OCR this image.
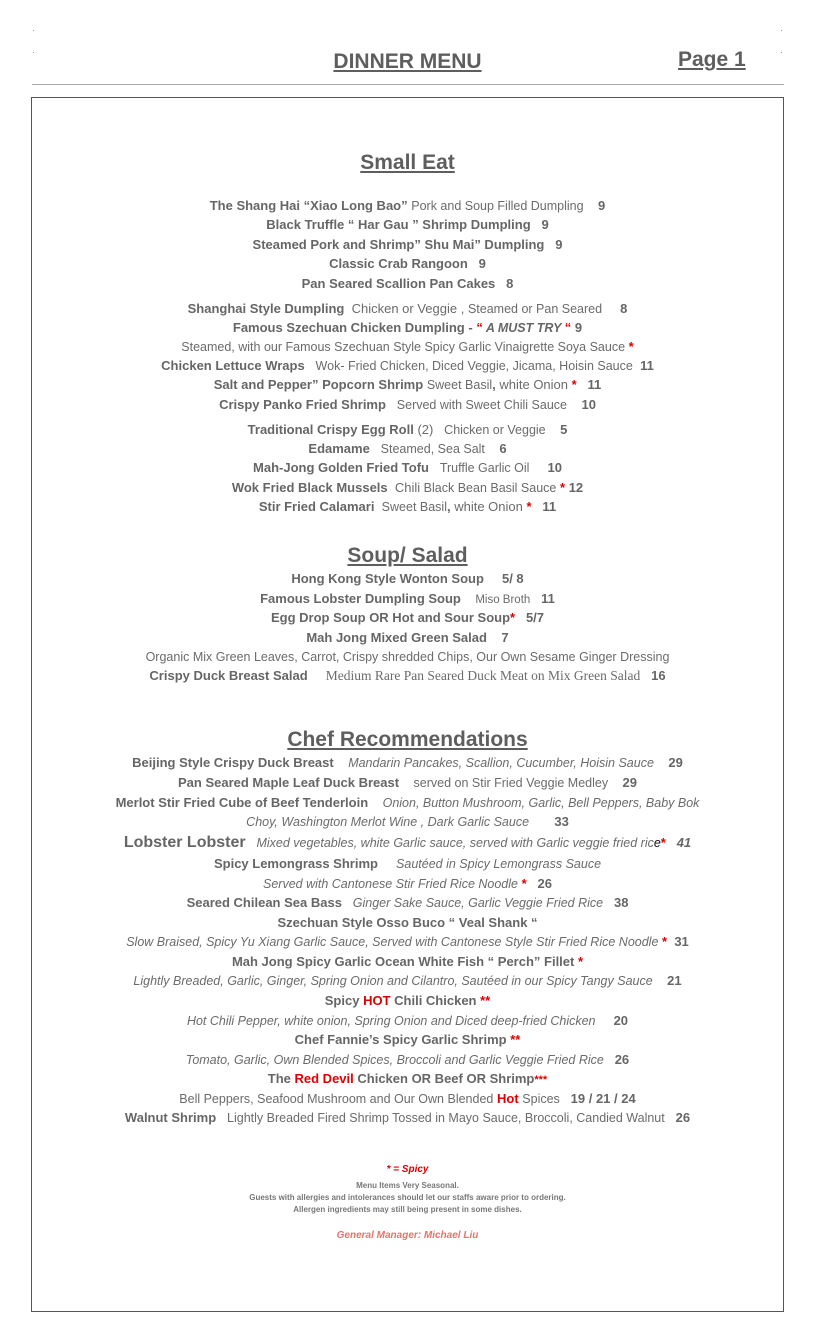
DINNER MENU	Page 1
Small Eat
The Shang Hai “Xiao Long Bao” Pork and Soup Filled Dumpling 9
Black Truffle “ Har Gau ” Shrimp Dumpling 9
Steamed Pork and Shrimp” Shu Mai” Dumpling 9
Classic Crab Rangoon 9
Pan Seared Scallion Pan Cakes 8
Shanghai Style Dumpling Chicken or Veggie , Steamed or Pan Seared 8
Famous Szechuan Chicken Dumpling - “ A MUST TRY “ 9
Steamed, with our Famous Szechuan Style Spicy Garlic Vinaigrette Soya Sauce *
Chicken Lettuce Wraps Wok- Fried Chicken, Diced Veggie, Jicama, Hoisin Sauce 11
Salt and Pepper” Popcorn Shrimp Sweet Basil, white Onion * 11
Crispy Panko Fried Shrimp Served with Sweet Chili Sauce 10
Traditional Crispy Egg Roll (2) Chicken or Veggie 5
Edamame Steamed, Sea Salt 6
Mah-Jong Golden Fried Tofu Truffle Garlic Oil 10
Wok Fried Black Mussels Chili Black Bean Basil Sauce * 12
Stir Fried Calamari Sweet Basil, white Onion * 11
Soup/ Salad
Hong Kong Style Wonton Soup 5/ 8
Famous Lobster Dumpling Soup Miso Broth 11
Egg Drop Soup OR Hot and Sour Soup* 5/7
Mah Jong Mixed Green Salad 7
Organic Mix Green Leaves, Carrot, Crispy shredded Chips, Our Own Sesame Ginger Dressing
Crispy Duck Breast Salad Medium Rare Pan Seared Duck Meat on Mix Green Salad 16
Chef Recommendations
Beijing Style Crispy Duck Breast Mandarin Pancakes, Scallion, Cucumber, Hoisin Sauce 29
Pan Seared Maple Leaf Duck Breast served on Stir Fried Veggie Medley 29
Merlot Stir Fried Cube of Beef Tenderloin Onion, Button Mushroom, Garlic, Bell Peppers, Baby Bok
Choy, Washington Merlot Wine , Dark Garlic Sauce 33
Lobster Lobster Mixed vegetables, white Garlic sauce, served with Garlic veggie fried rice* 41
Spicy Lemongrass Shrimp Sautéed in Spicy Lemongrass Sauce
Served with Cantonese Stir Fried Rice Noodle * 26
Seared Chilean Sea Bass Ginger Sake Sauce, Garlic Veggie Fried Rice 38
Szechuan Style Osso Buco “ Veal Shank “
Slow Braised, Spicy Yu Xiang Garlic Sauce, Served with Cantonese Style Stir Fried Rice Noodle * 31
Mah Jong Spicy Garlic Ocean White Fish “ Perch” Fillet *
Lightly Breaded, Garlic, Ginger, Spring Onion and Cilantro, Sautéed in our Spicy Tangy Sauce 21
Spicy HOT Chili Chicken **
Hot Chili Pepper, white onion, Spring Onion and Diced deep-fried Chicken 20
Chef Fannie’s Spicy Garlic Shrimp **
Tomato, Garlic, Own Blended Spices, Broccoli and Garlic Veggie Fried Rice 26
The Red Devil Chicken OR Beef OR Shrimp***
Bell Peppers, Seafood Mushroom and Our Own Blended Hot Spices 19 / 21 / 24
Walnut Shrimp Lightly Breaded Fired Shrimp Tossed in Mayo Sauce, Broccoli, Candied Walnut 26
* = Spicy
Menu Items Very Seasonal.
Guests with allergies and intolerances should let our staffs aware prior to ordering.
Allergen ingredients may still being present in some dishes.
General Manager: Michael Liu
